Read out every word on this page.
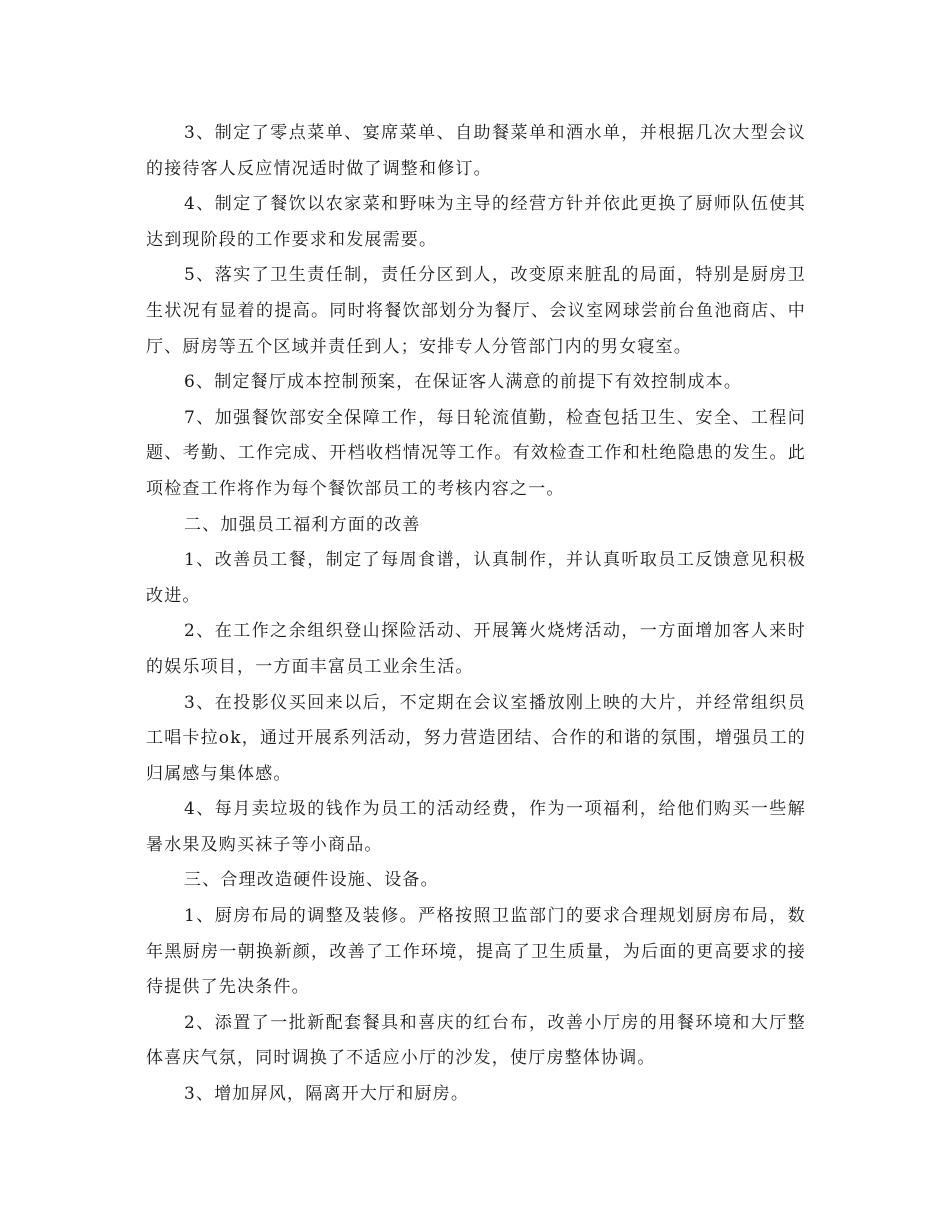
3、制定了零点菜单、宴席菜单、自助餐菜单和酒水单，并根据几次大型会议的接待客人反应情况适时做了调整和修订。

4、制定了餐饮以农家菜和野味为主导的经营方针并依此更换了厨师队伍使其达到现阶段的工作要求和发展需要。

5、落实了卫生责任制，责任分区到人，改变原来脏乱的局面，特别是厨房卫生状况有显着的提高。同时将餐饮部划分为餐厅、会议室网球尝前台鱼池商店、中厅、厨房等五个区域并责任到人；安排专人分管部门内的男女寝室。

6、制定餐厅成本控制预案，在保证客人满意的前提下有效控制成本。

7、加强餐饮部安全保障工作，每日轮流值勤，检查包括卫生、安全、工程问题、考勤、工作完成、开档收档情况等工作。有效检查工作和杜绝隐患的发生。此项检查工作将作为每个餐饮部员工的考核内容之一。

二、加强员工福利方面的改善

1、改善员工餐，制定了每周食谱，认真制作，并认真听取员工反馈意见积极改进。

2、在工作之余组织登山探险活动、开展篝火烧烤活动，一方面增加客人来时的娱乐项目，一方面丰富员工业余生活。

3、在投影仪买回来以后，不定期在会议室播放刚上映的大片，并经常组织员工唱卡拉ok，通过开展系列活动，努力营造团结、合作的和谐的氛围，增强员工的归属感与集体感。

4、每月卖垃圾的钱作为员工的活动经费，作为一项福利，给他们购买一些解暑水果及购买袜子等小商品。

三、合理改造硬件设施、设备。

1、厨房布局的调整及装修。严格按照卫监部门的要求合理规划厨房布局，数年黑厨房一朝换新颜，改善了工作环境，提高了卫生质量，为后面的更高要求的接待提供了先决条件。

2、添置了一批新配套餐具和喜庆的红台布，改善小厅房的用餐环境和大厅整体喜庆气氛，同时调换了不适应小厅的沙发，使厅房整体协调。

3、增加屏风，隔离开大厅和厨房。
